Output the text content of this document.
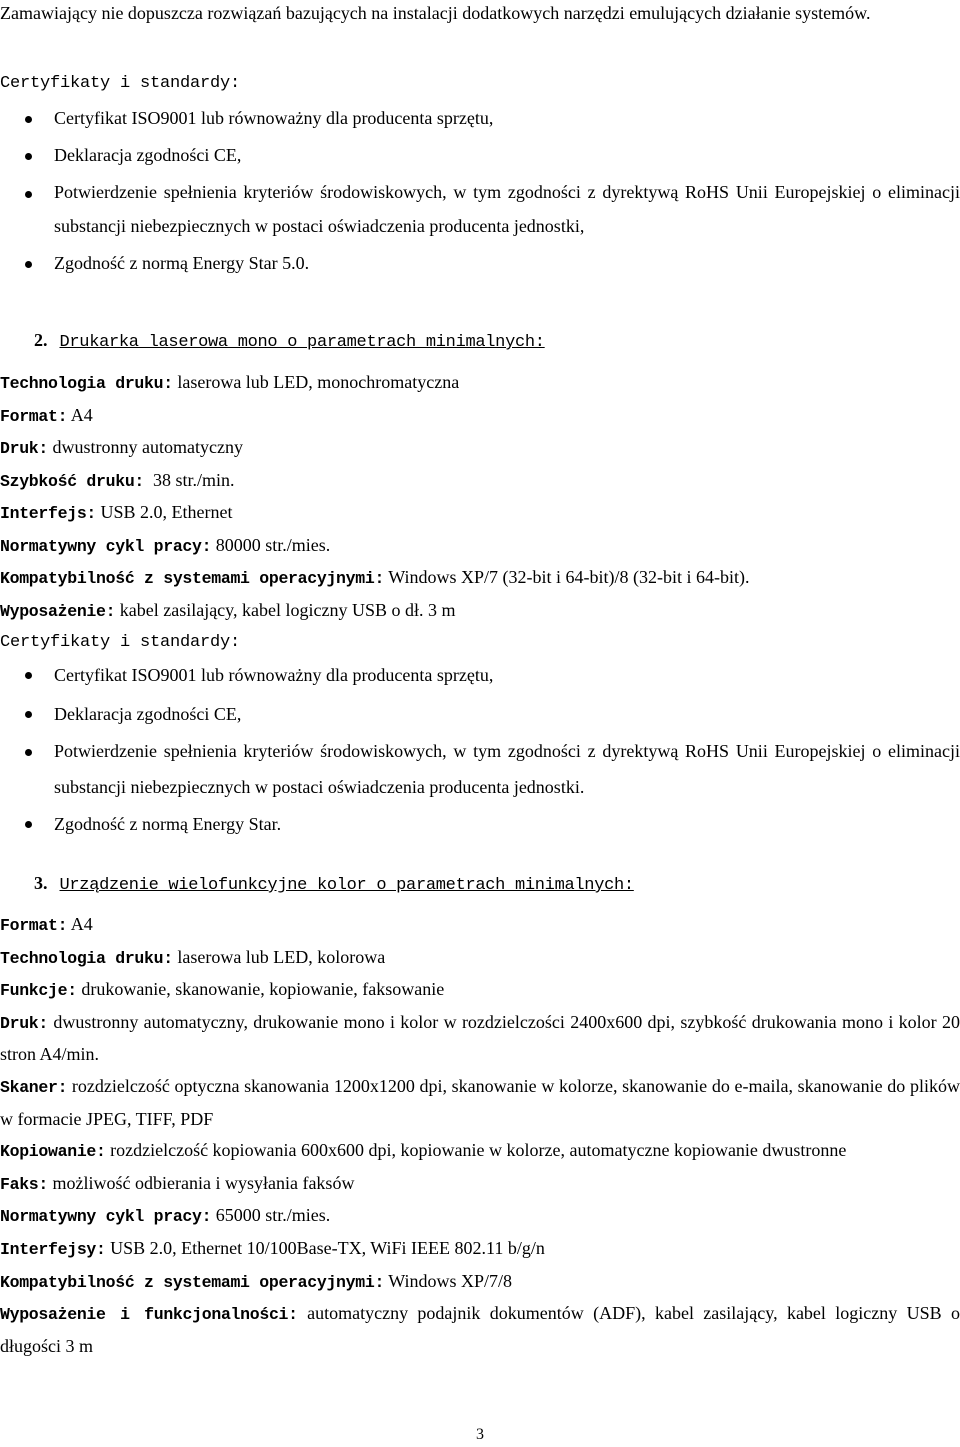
Zamawiający nie dopuszcza rozwiązań bazujących na instalacji dodatkowych narzędzi emulujących działanie systemów.

Certyfikaty i standardy:

Certyfikat ISO9001 lub równoważny dla producenta sprzętu,
Deklaracja zgodności CE,
Potwierdzenie spełnienia kryteriów środowiskowych, w tym zgodności z dyrektywą RoHS Unii Europejskiej o eliminacji substancji niebezpiecznych w postaci oświadczenia producenta jednostki,
Zgodność z normą Energy Star 5.0.

2. Drukarka laserowa mono o parametrach minimalnych:

Technologia druku: laserowa lub LED, monochromatyczna

Format: A4

Druk: dwustronny automatyczny

Szybkość druku:  38 str./min.

Interfejs: USB 2.0, Ethernet

Normatywny cykl pracy: 80000 str./mies.

Kompatybilność z systemami operacyjnymi: Windows XP/7 (32-bit i 64-bit)/8 (32-bit i 64-bit).

Wyposażenie: kabel zasilający, kabel logiczny USB o dł. 3 m

Certyfikaty i standardy:

Certyfikat ISO9001 lub równoważny dla producenta sprzętu,
Deklaracja zgodności CE,
Potwierdzenie spełnienia kryteriów środowiskowych, w tym zgodności z dyrektywą RoHS Unii Europejskiej o eliminacji substancji niebezpiecznych w postaci oświadczenia producenta jednostki.
Zgodność z normą Energy Star.

3. Urządzenie wielofunkcyjne kolor o parametrach minimalnych:

Format: A4

Technologia druku: laserowa lub LED, kolorowa

Funkcje: drukowanie, skanowanie, kopiowanie, faksowanie

Druk: dwustronny automatyczny, drukowanie mono i kolor w rozdzielczości 2400x600 dpi, szybkość drukowania mono i kolor 20 stron A4/min.

Skaner: rozdzielczość optyczna skanowania 1200x1200 dpi, skanowanie w kolorze, skanowanie do e-maila, skanowanie do plików w formacie JPEG, TIFF, PDF

Kopiowanie: rozdzielczość kopiowania 600x600 dpi, kopiowanie w kolorze, automatyczne kopiowanie dwustronne

Faks: możliwość odbierania i wysyłania faksów

Normatywny cykl pracy: 65000 str./mies.

Interfejsy: USB 2.0, Ethernet 10/100Base-TX, WiFi IEEE 802.11 b/g/n

Kompatybilność z systemami operacyjnymi: Windows XP/7/8

Wyposażenie i funkcjonalności: automatyczny podajnik dokumentów (ADF), kabel zasilający, kabel logiczny USB o długości 3 m

3
